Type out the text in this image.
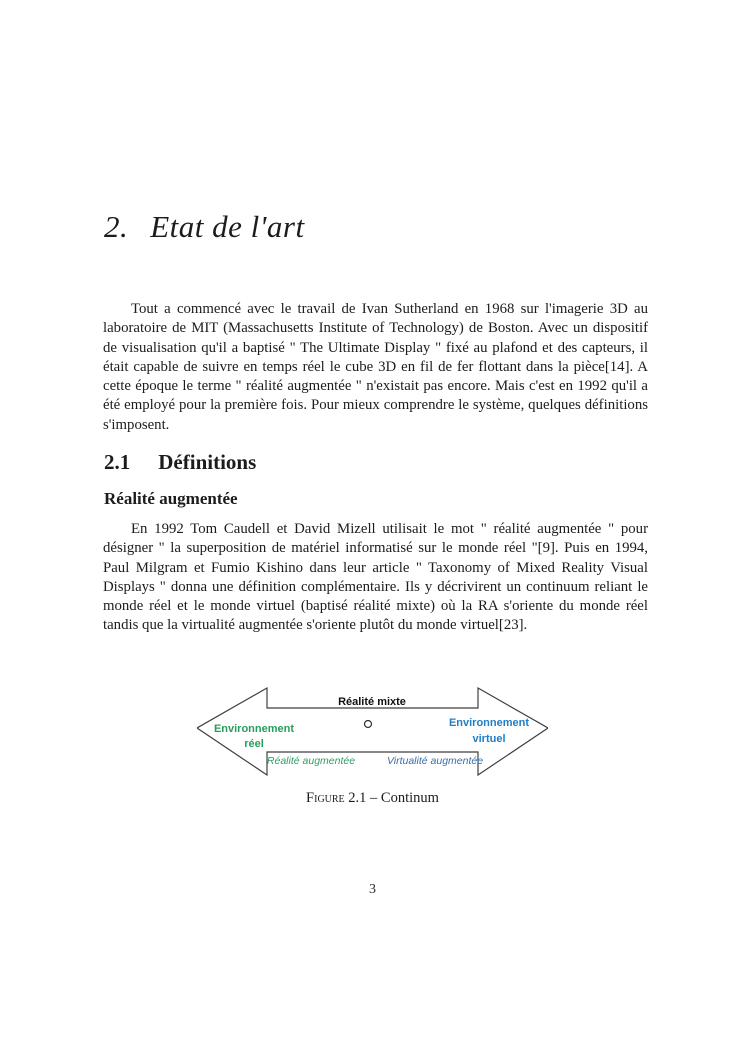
2. Etat de l'art

Tout a commencé avec le travail de Ivan Sutherland en 1968 sur l'imagerie 3D au laboratoire de MIT (Massachusetts Institute of Technology) de Boston. Avec un dispositif de visualisation qu'il a baptisé " The Ultimate Display " fixé au plafond et des capteurs, il était capable de suivre en temps réel le cube 3D en fil de fer flottant dans la pièce[14]. A cette époque le terme " réalité augmentée " n'existait pas encore. Mais c'est en 1992 qu'il a été employé pour la première fois. Pour mieux comprendre le système, quelques définitions s'imposent.

2.1 Définitions
Réalité augmentée

En 1992 Tom Caudell et David Mizell utilisait le mot " réalité augmentée " pour désigner " la superposition de matériel informatisé sur le monde réel "[9]. Puis en 1994, Paul Milgram et Fumio Kishino dans leur article " Taxonomy of Mixed Reality Visual Displays " donna une définition complémentaire. Ils y décrivirent un continuum reliant le monde réel et le monde virtuel (baptisé réalité mixte) où la RA s'oriente du monde réel tandis que la virtualité augmentée s'oriente plutôt du monde virtuel[23].

Réalité mixte
Environnement
réel
Environnement
virtuel
Réalité augmentée	Virtualité augmentée
Figure 2.1 – Continum
3
